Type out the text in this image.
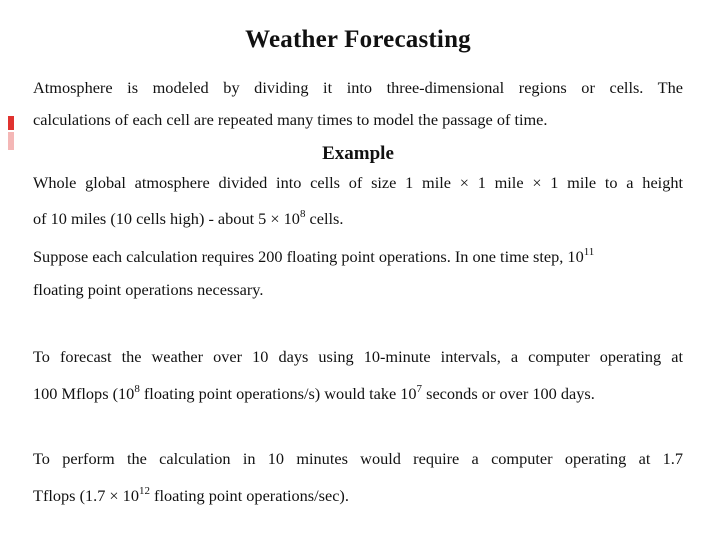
Weather Forecasting
Atmosphere is modeled by dividing it into three-dimensional regions or cells. The
calculations of each cell are repeated many times to model the passage of time.
Example
Whole global atmosphere divided into cells of size 1 mile × 1 mile × 1 mile to a height
of 10 miles (10 cells high) - about $5 \times 10^8$ cells.
Suppose each calculation requires 200 floating point operations. In one time step, $10^{11}$
floating point operations necessary.
To forecast the weather over 10 days using 10-minute intervals, a computer operating at
100 Mflops ($10^8$ floating point operations/s) would take $10^7$ seconds or over 100 days.
To perform the calculation in 10 minutes would require a computer operating at 1.7
Tflops ($1.7 \times 10^{12}$ floating point operations/sec).
